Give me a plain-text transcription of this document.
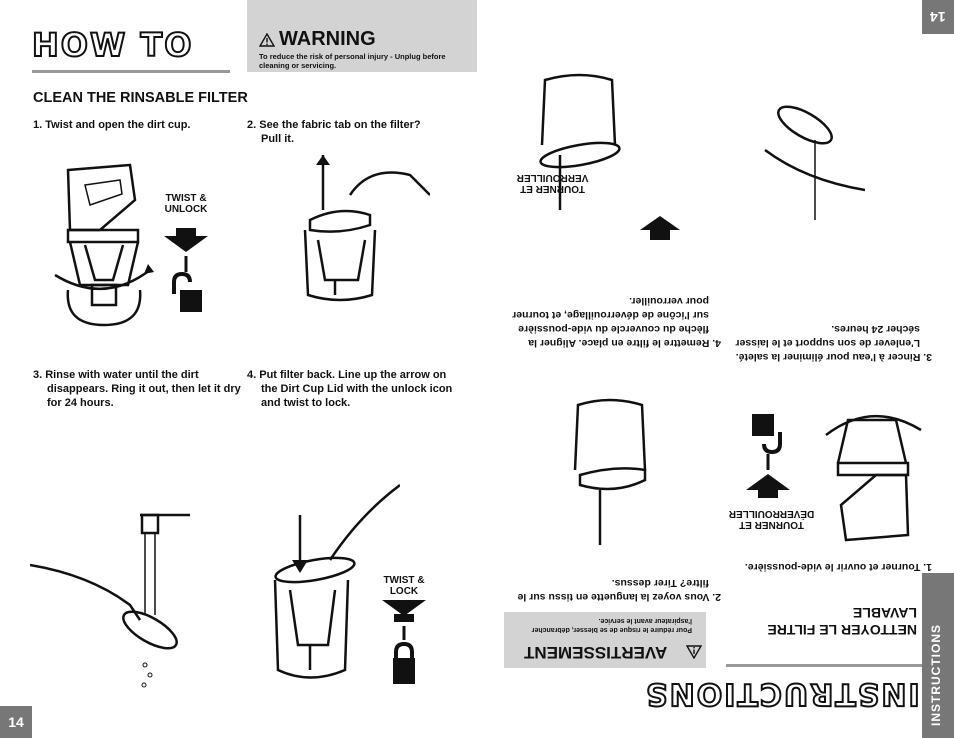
HOW TO	WARNING
To reduce the risk of personal injury - Unplug before cleaning or servicing.
CLEAN THE RINSABLE FILTER
1. Twist and open the dirt cup.	2. See the fabric tab on the filter? Pull it.
3. Rinse with water until the dirt disappears. Ring it out, then let it dry for 24 hours.
4. Put filter back. Line up the arrow on the Dirt Cup Lid with the unlock icon and twist to lock.
TWIST & UNLOCK
TWIST & LOCK
14
14
INSTRUCTIONS
INSTRUCTIONS
NETTOYER LE FILTRE LAVABLE
Pour réduire le risque de se blesser, débrancher l'aspirateur avant le service.
AVERTISSEMENT
1. Tourner et ouvrir le vide-poussière.
2. Vous voyez la languette en tissu sur le filtre? Tirer dessus.
3. Rincer à l'eau pour éliminer la saleté. L'enlever de son support et le laisser sécher 24 heures.
4. Remettre le filtre en place. Aligner la flèche du couvercle du vide-poussière sur l'icône de déverrouillage, et tourner pour verrouiller.
TOURNER ET DÉVERROUILLER
TOURNER ET VERROUILLER
